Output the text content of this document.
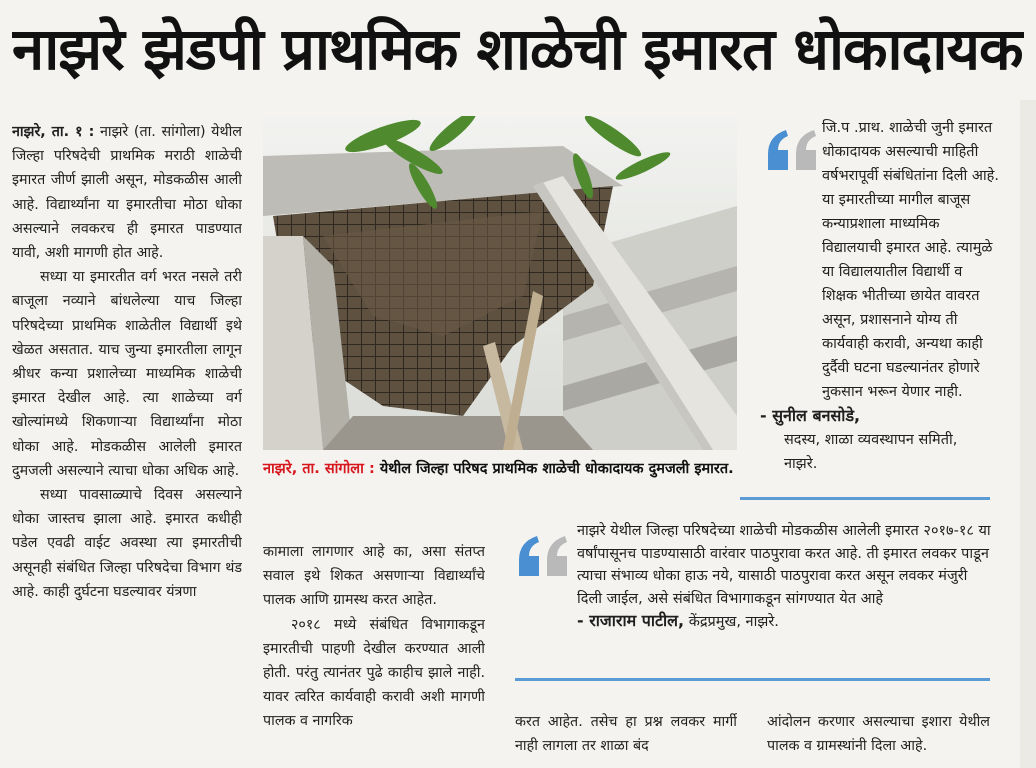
नाझरे झेडपी प्राथमिक शाळेची इमारत धोकादायक

नाझरे, ता. १ : नाझरे (ता. सांगोला) येथील जिल्हा परिषदेची प्राथमिक मराठी शाळेची इमारत जीर्ण झाली असून, मोडकळीस आली आहे. विद्यार्थ्यांना या इमारतीचा मोठा धोका असल्याने लवकरच ही इमारत पाडण्यात यावी, अशी मागणी होत आहे.

सध्या या इमारतीत वर्ग भरत नसले तरी बाजूला नव्याने बांधलेल्या याच जिल्हा परिषदेच्या प्राथमिक शाळेतील विद्यार्थी इथे खेळत असतात. याच जुन्या इमारतीला लागून श्रीधर कन्या प्रशालेच्या माध्यमिक शाळेची इमारत देखील आहे. त्या शाळेच्या वर्ग खोल्यांमध्ये शिकणाऱ्या विद्यार्थ्यांना मोठा धोका आहे. मोडकळीस आलेली इमारत दुमजली असल्याने त्याचा धोका अधिक आहे.

सध्या पावसाळ्याचे दिवस असल्याने धोका जास्तच झाला आहे. इमारत कधीही पडेल एवढी वाईट अवस्था त्या इमारतीची असूनही संबंधित जिल्हा परिषदेचा विभाग थंड आहे. काही दुर्घटना घडल्यावर यंत्रणा

नाझरे, ता. सांगोला : येथील जिल्हा परिषद प्राथमिक शाळेची धोकादायक दुमजली इमारत.

कामाला लागणार आहे का, असा संतप्त सवाल इथे शिकत असणाऱ्या विद्यार्थ्यांचे पालक आणि ग्रामस्थ करत आहेत.

२०१८ मध्ये संबंधित विभागाकडून इमारतीची पाहणी देखील करण्यात आली होती. परंतु त्यानंतर पुढे काहीच झाले नाही. यावर त्वरित कार्यवाही करावी अशी मागणी पालक व नागरिक

जि.प .प्राथ. शाळेची जुनी इमारत धोकादायक असल्याची माहिती वर्षभरापूर्वी संबंधितांना दिली आहे. या इमारतीच्या मागील बाजूस कन्याप्रशाला माध्यमिक विद्यालयाची इमारत आहे. त्यामुळे या विद्यालयातील विद्यार्थी व शिक्षक भीतीच्या छायेत वावरत असून, प्रशासनाने योग्य ती कार्यवाही करावी, अन्यथा काही दुर्दैवी घटना घडल्यानंतर होणारे नुकसान भरून येणार नाही.
- सुनील बनसोडे,
सदस्य, शाळा व्यवस्थापन समिती,
नाझरे.
नाझरे येथील जिल्हा परिषदेच्या शाळेची मोडकळीस आलेली इमारत २०१७-१८ या वर्षांपासूनच पाडण्यासाठी वारंवार पाठपुरावा करत आहे. ती इमारत लवकर पाडून त्याचा संभाव्य धोका हाऊ नये, यासाठी पाठपुरावा करत असून लवकर मंजुरी दिली जाईल, असे संबंधित विभागाकडून सांगण्यात येत आहे
- राजाराम पाटील, केंद्रप्रमुख, नाझरे.

करत आहेत. तसेच हा प्रश्न लवकर मार्गी नाही लागला तर शाळा बंद

आंदोलन करणार असल्याचा इशारा येथील पालक व ग्रामस्थांनी दिला आहे.
